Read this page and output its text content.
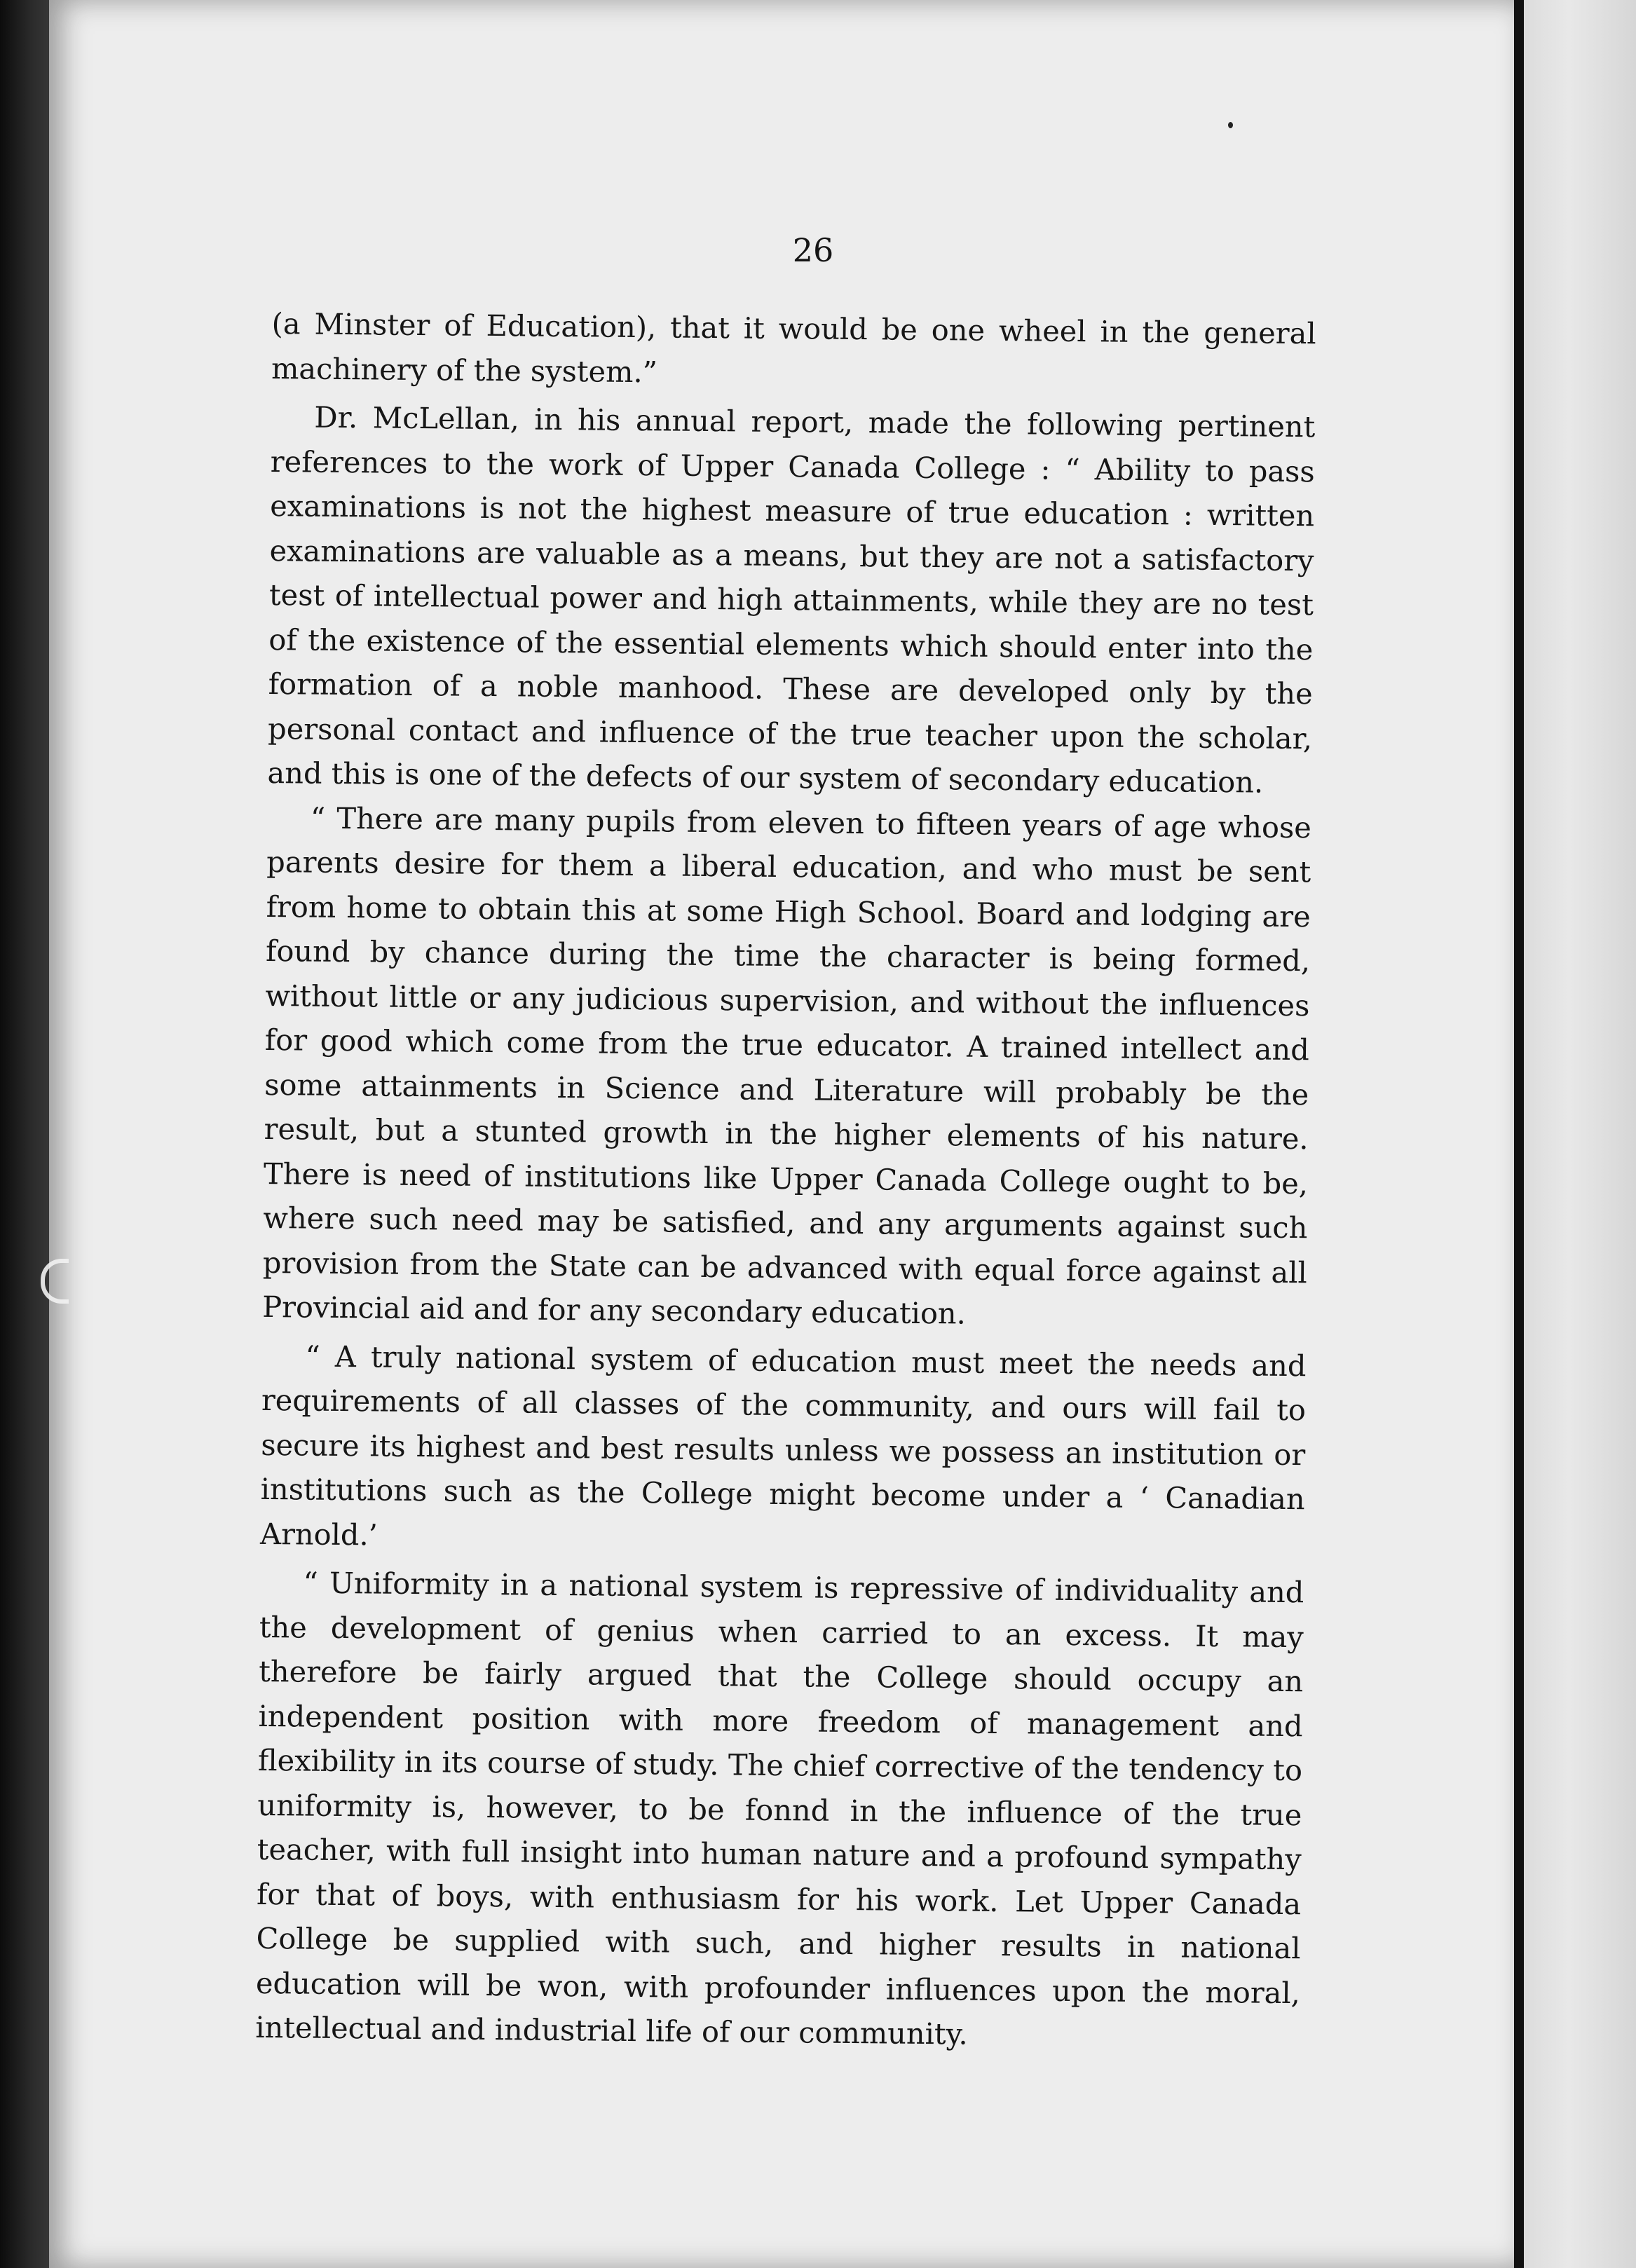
26

(a Minster of Education), that it would be one wheel in the general machinery of the system.”

Dr. McLellan, in his annual report, made the following pertinent references to the work of Upper Canada College : “ Ability to pass examinations is not the highest measure of true education : written examinations are valuable as a means, but they are not a satisfactory test of intellectual power and high attainments, while they are no test of the existence of the essential elements which should enter into the formation of a noble manhood. These are developed only by the personal contact and influence of the true teacher upon the scholar, and this is one of the defects of our system of secondary education.

“ There are many pupils from eleven to fifteen years of age whose parents desire for them a liberal education, and who must be sent from home to obtain this at some High School. Board and lodging are found by chance during the time the character is being formed, without little or any judicious supervision, and without the influences for good which come from the true educator. A trained intellect and some attainments in Science and Literature will probably be the result, but a stunted growth in the higher elements of his nature. There is need of institutions like Upper Canada College ought to be, where such need may be satisfied, and any arguments against such provision from the State can be advanced with equal force against all Provincial aid and for any secondary education.

“ A truly national system of education must meet the needs and requirements of all classes of the community, and ours will fail to secure its highest and best results unless we possess an institution or institutions such as the College might become under a ‘ Canadian Arnold.’

“ Uniformity in a national system is repressive of individuality and the development of genius when carried to an excess. It may therefore be fairly argued that the College should occupy an independent position with more freedom of management and flexibility in its course of study. The chief corrective of the tendency to uniformity is, however, to be fonnd in the influence of the true teacher, with full insight into human nature and a profound sympathy for that of boys, with enthusiasm for his work. Let Upper Canada College be supplied with such, and higher results in national education will be won, with profounder influences upon the moral, intellectual and industrial life of our community.
